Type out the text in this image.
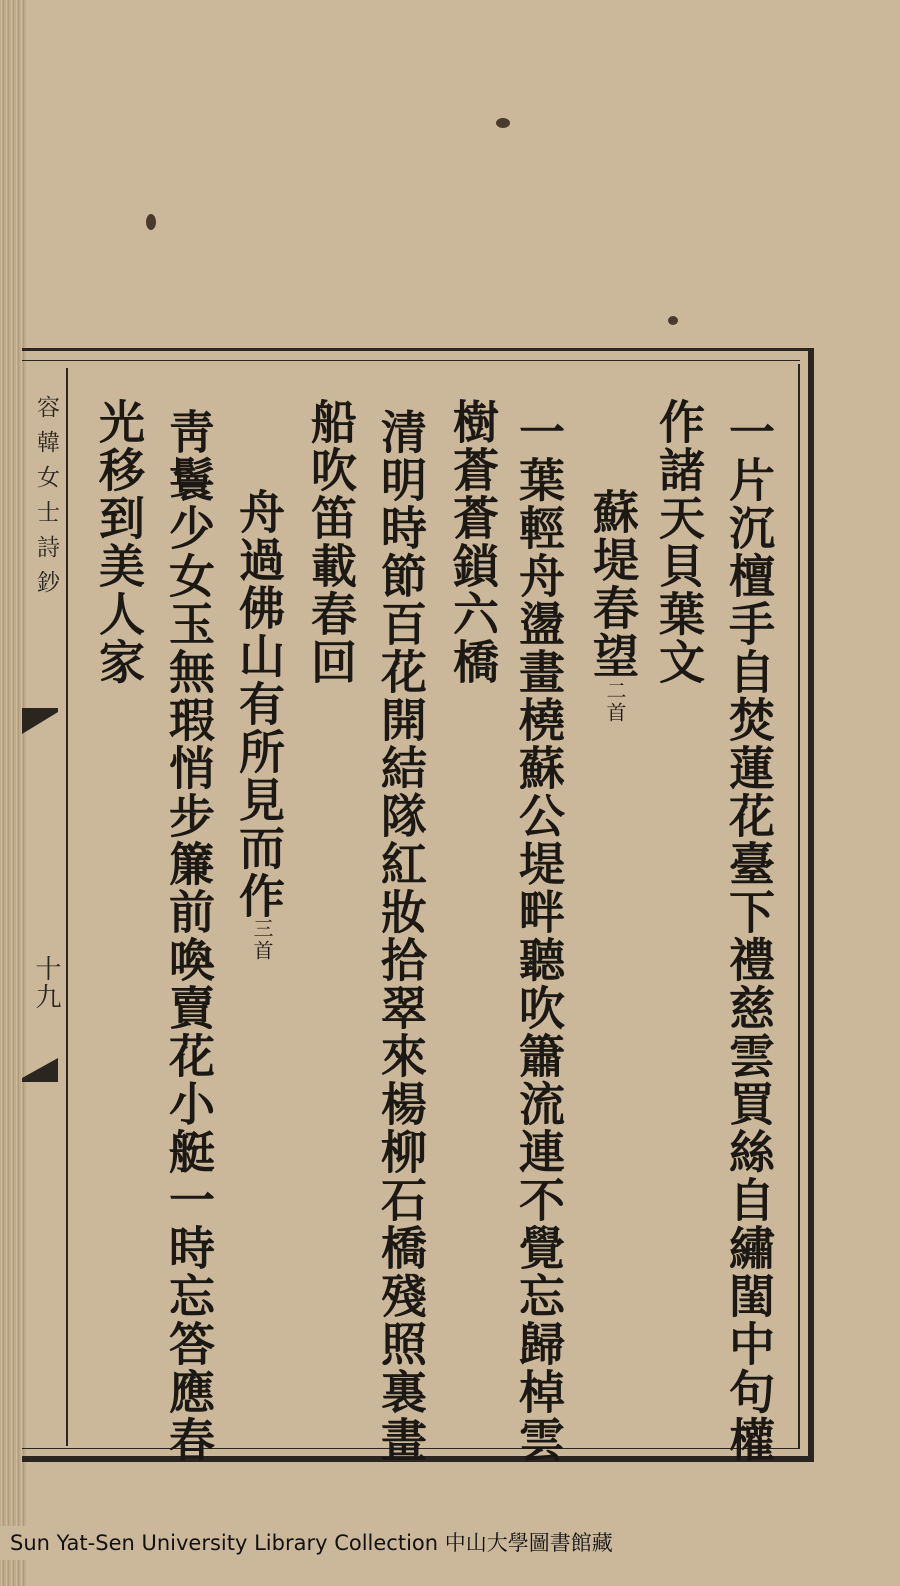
容韓女士詩鈔
十九	一片沉檀手自焚蓮花臺下禮慈雲買絲自繡閨中句權
作諸天貝葉文
蘇堤春望
二首
一葉輕舟盪畫橈蘇公堤畔聽吹簫流連不覺忘歸棹雲
樹蒼蒼鎖六橋
清明時節百花開結隊紅妝拾翠來楊柳石橋殘照裏畫
船吹笛載春回
舟過佛山有所見而作
三首
靑鬟少女玉無瑕悄步簾前喚賣花小艇一時忘答應春
光移到美人家
Sun Yat-Sen University Library Collection 中山大學圖書館藏
